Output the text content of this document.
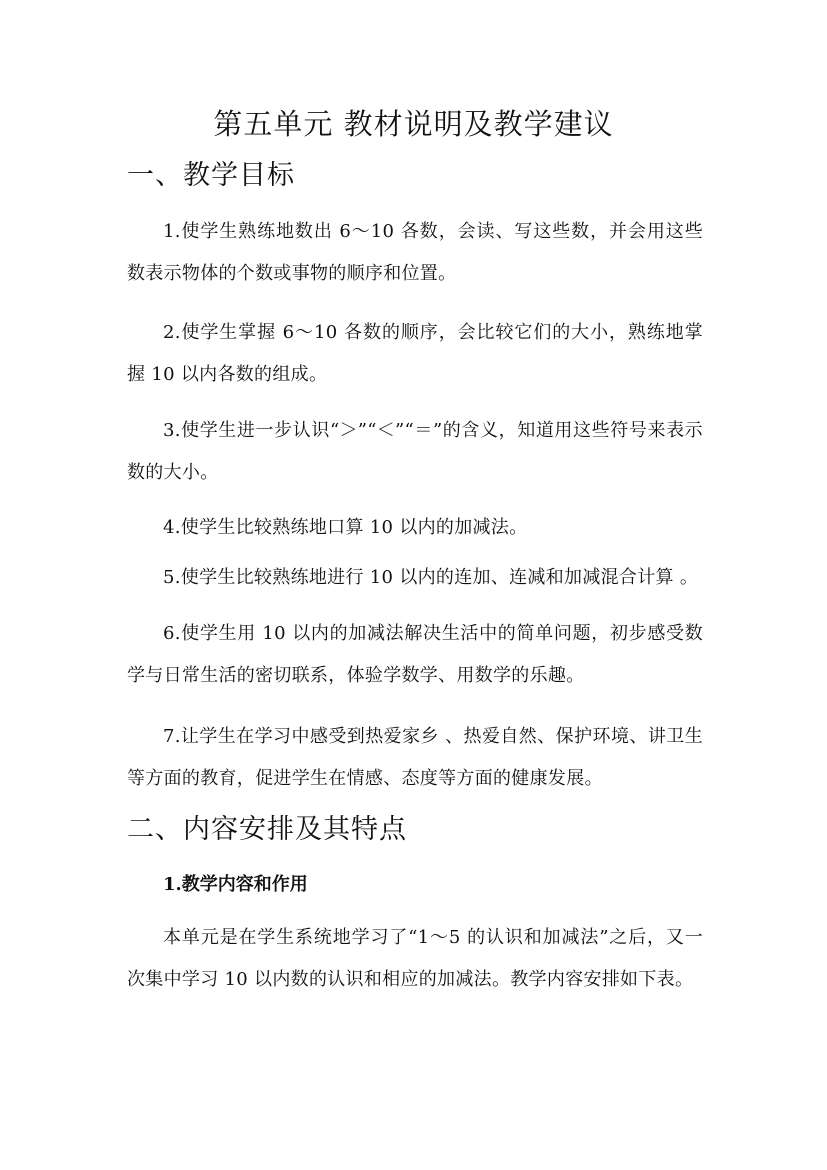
第五单元 教材说明及教学建议
一、教学目标

1.使学生熟练地数出 6～10 各数，会读、写这些数，并会用这些数表示物体的个数或事物的顺序和位置。

2.使学生掌握 6～10 各数的顺序，会比较它们的大小，熟练地掌握 10 以内各数的组成。

3.使学生进一步认识“＞”“＜”“＝”的含义，知道用这些符号来表示数的大小。

4.使学生比较熟练地口算 10 以内的加减法。

5.使学生比较熟练地进行 10 以内的连加、连减和加减混合计算 。

6.使学生用 10 以内的加减法解决生活中的简单问题，初步感受数学与日常生活的密切联系，体验学数学、用数学的乐趣。

7.让学生在学习中感受到热爱家乡 、热爱自然、保护环境、讲卫生等方面的教育，促进学生在情感、态度等方面的健康发展。

二、内容安排及其特点

1.教学内容和作用

本单元是在学生系统地学习了“1～5 的认识和加减法”之后，又一次集中学习 10 以内数的认识和相应的加减法。教学内容安排如下表。
